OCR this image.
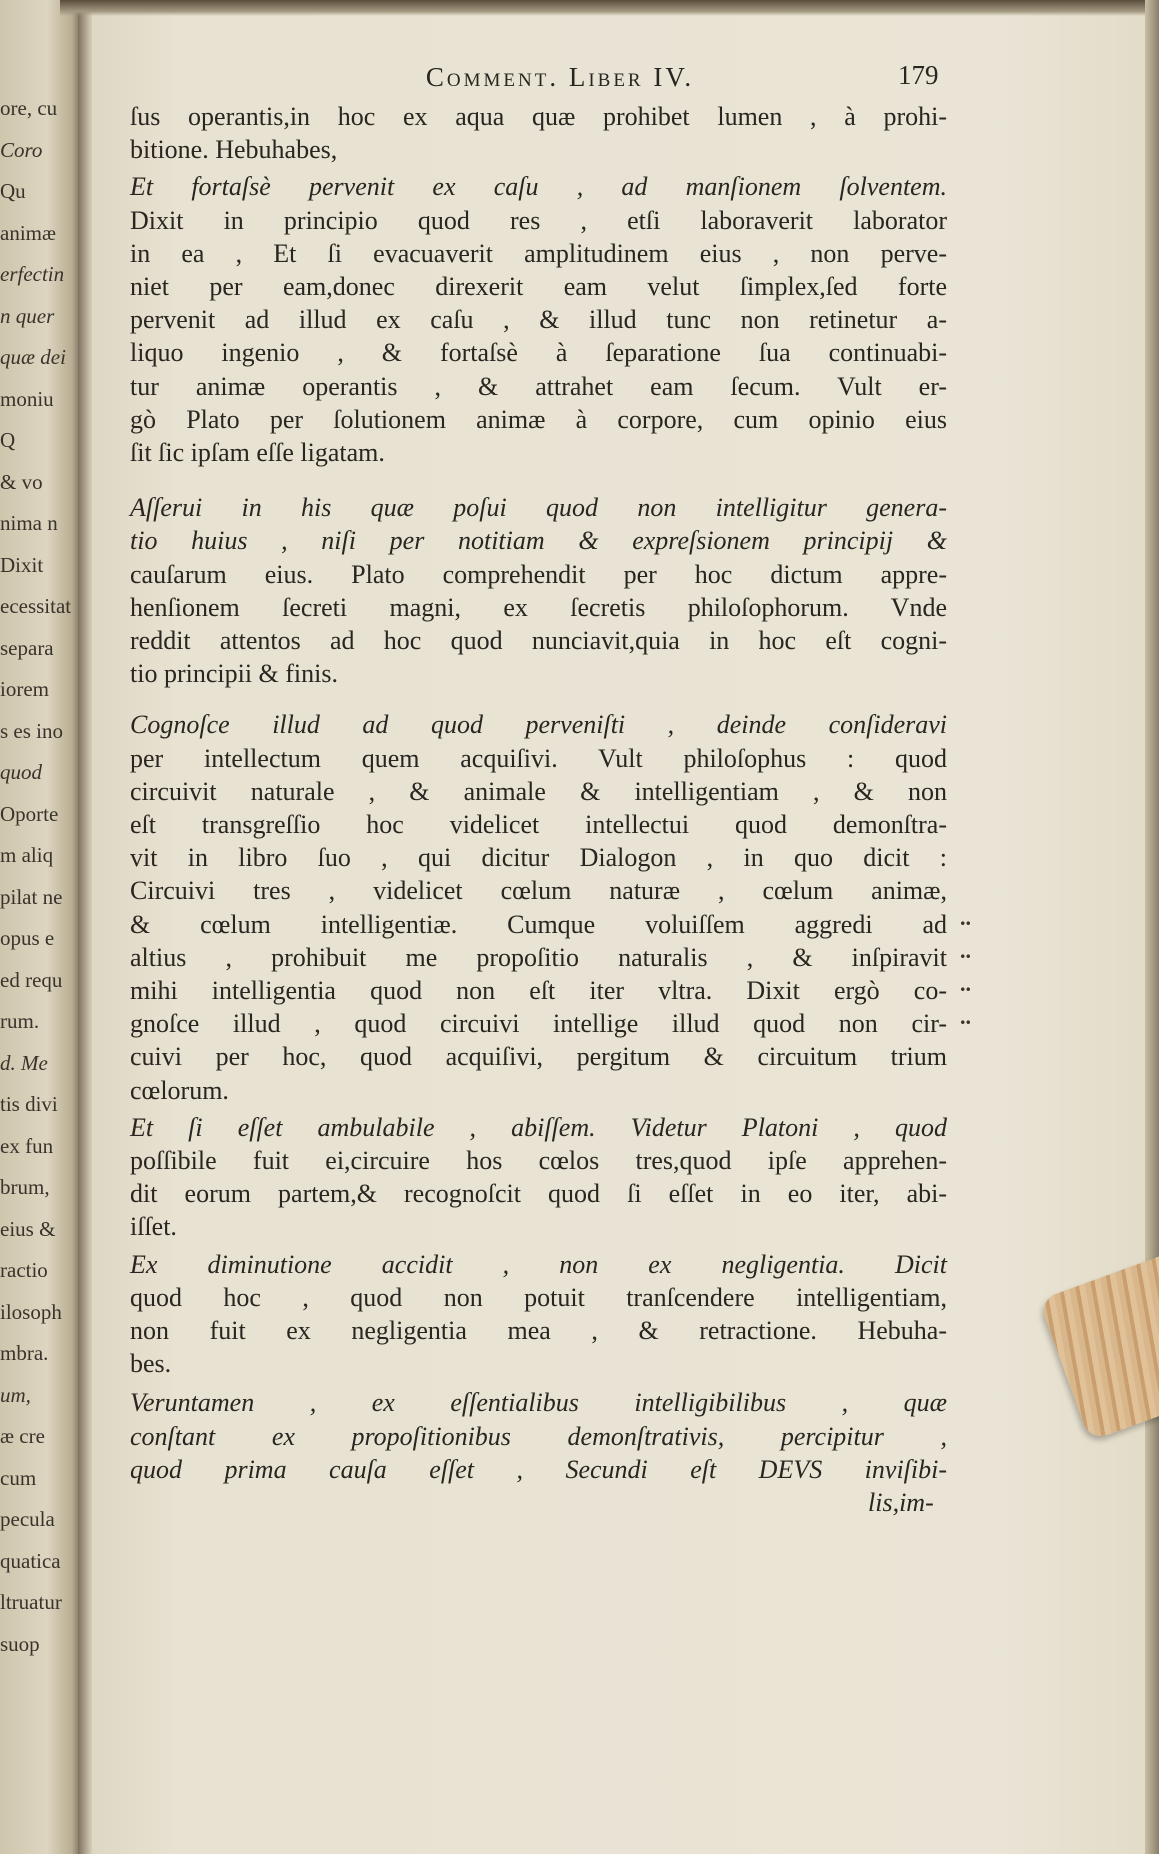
ore, cu
Coro
Qu
animæ
erfectin
n quer
quæ dei
moniu
Q
& vo
nima n
Dixit
ecessitat
separa
iorem
s es ino
quod
Oporte
m aliq
pilat ne
opus e
ed requ
rum.
d. Me
tis divi
ex fun
brum,
eius &
ractio
ilosoph
mbra.
um,
æ cre
cum
pecula
quatica
ltruatur
suop
Comment. Liber IV.	179
ſus operantis,in hoc ex aqua quæ prohibet lumen , à prohi-
bitione. Hebuhabes,
Et fortaſsè pervenit ex caſu , ad manſionem ſolventem.
Dixit in principio quod res , etſi laboraverit laborator
in ea , Et ſi evacuaverit amplitudinem eius , non perve-
niet per eam,donec direxerit eam velut ſimplex,ſed forte
pervenit ad illud ex caſu , & illud tunc non retinetur a-
liquo ingenio , & fortaſsè à ſeparatione ſua continuabi-
tur animæ operantis , & attrahet eam ſecum. Vult er-
gò Plato per ſolutionem animæ à corpore, cum opinio eius
ſit ſic ipſam eſſe ligatam.
Aſſerui in his quæ poſui quod non intelligitur genera-
tio huius , niſi per notitiam & expreſsionem principij &
cauſarum eius. Plato comprehendit per hoc dictum appre-
henſionem ſecreti magni, ex ſecretis philoſophorum. Vnde
reddit attentos ad hoc quod nunciavit,quia in hoc eſt cogni-
tio principii & finis.
Cognoſce illud ad quod perveniſti , deinde conſideravi
per intellectum quem acquiſivi. Vult philoſophus : quod
circuivit naturale , & animale & intelligentiam , & non
eſt transgreſſio hoc videlicet intellectui quod demonſtra-
vit in libro ſuo , qui dicitur Dialogon , in quo dicit :
Circuivi tres , videlicet cœlum naturæ , cœlum animæ,
& cœlum intelligentiæ. Cumque voluiſſem aggredi ad
altius , prohibuit me propoſitio naturalis , & inſpiravit
mihi intelligentia quod non eſt iter vltra. Dixit ergò co-
gnoſce illud , quod circuivi intellige illud quod non cir-
cuivi per hoc, quod acquiſivi, pergitum & circuitum trium
cœlorum.
Et ſi eſſet ambulabile , abiſſem. Videtur Platoni , quod
poſſibile fuit ei,circuire hos cœlos tres,quod ipſe apprehen-
dit eorum partem,& recognoſcit quod ſi eſſet in eo iter, abi-
iſſet.
Ex diminutione accidit , non ex negligentia. Dicit
quod hoc , quod non potuit tranſcendere intelligentiam,
non fuit ex negligentia mea , & retractione. Hebuha-
bes.
Veruntamen , ex eſſentialibus intelligibilibus , quæ
conſtant ex propoſitionibus demonſtrativis, percipitur ,
quod prima cauſa eſſet , Secundi eſt DEVS inviſibi-
lis,im-
..
..
..
..
